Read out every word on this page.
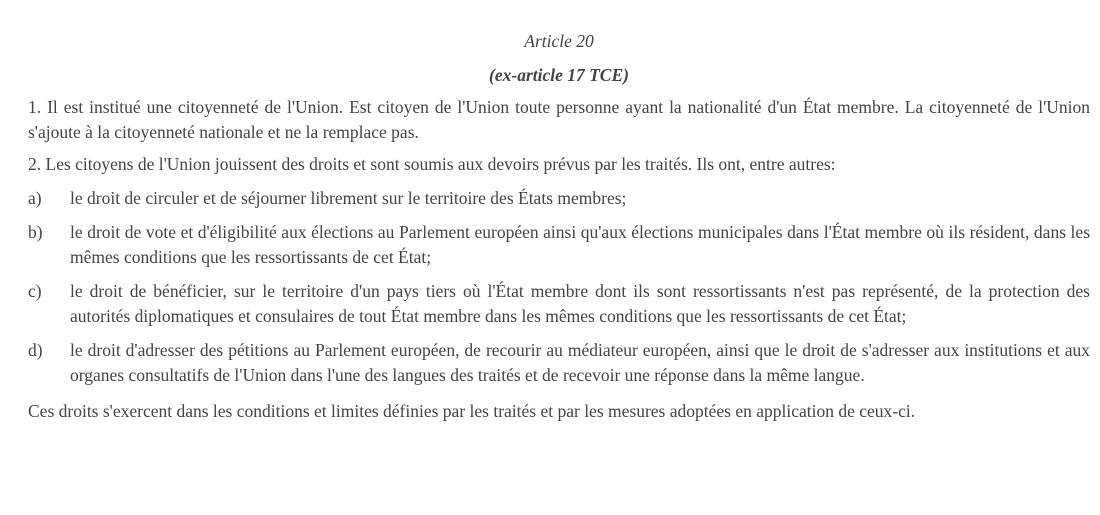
Article 20

(ex-article 17 TCE)

1. Il est institué une citoyenneté de l'Union. Est citoyen de l'Union toute personne ayant la nationalité d'un État membre. La citoyenneté de l'Union s'ajoute à la citoyenneté nationale et ne la remplace pas.

2. Les citoyens de l'Union jouissent des droits et sont soumis aux devoirs prévus par les traités. Ils ont, entre autres:

a)	le droit de circuler et de séjourner librement sur le territoire des États membres;
b)	le droit de vote et d'éligibilité aux élections au Parlement européen ainsi qu'aux élections municipales dans l'État membre où ils résident, dans les mêmes conditions que les ressortissants de cet État;
c)	le droit de bénéficier, sur le territoire d'un pays tiers où l'État membre dont ils sont ressortissants n'est pas représenté, de la protection des autorités diplomatiques et consulaires de tout État membre dans les mêmes conditions que les ressortissants de cet État;
d)	le droit d'adresser des pétitions au Parlement européen, de recourir au médiateur européen, ainsi que le droit de s'adresser aux institutions et aux organes consultatifs de l'Union dans l'une des langues des traités et de recevoir une réponse dans la même langue.

Ces droits s'exercent dans les conditions et limites définies par les traités et par les mesures adoptées en application de ceux-ci.
